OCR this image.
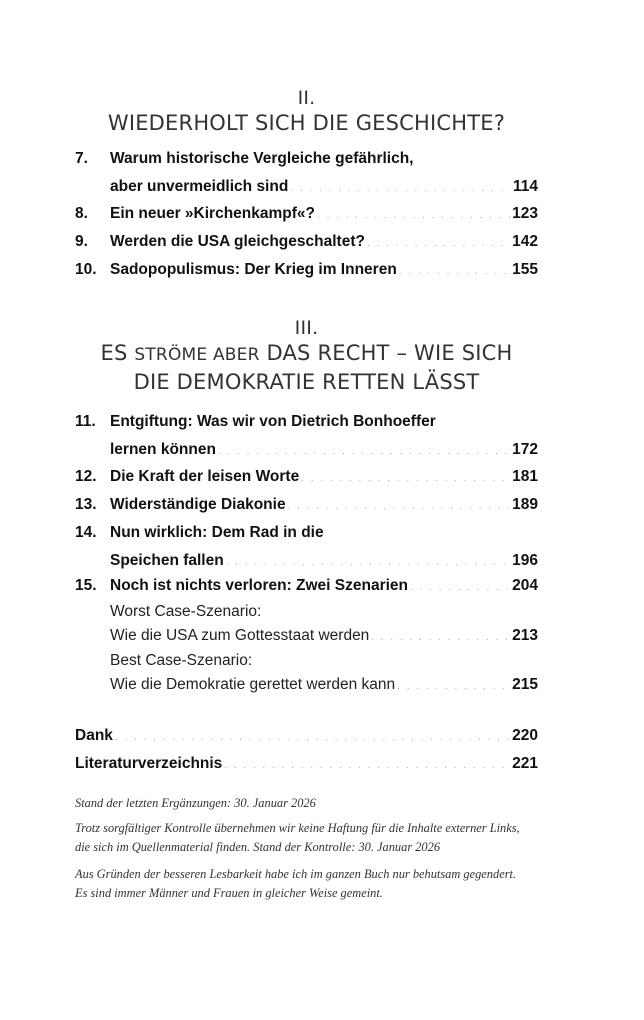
II.
WIEDERHOLT SICH DIE GESCHICHTE?
7.	Warum historische Vergleiche gefährlich,
aber unvermeidlich sind . . .	114
8.	Ein neuer »Kirchenkampf«? . . .	123
9.	Werden die USA gleichgeschaltet? . . .	142
10. Sadopopulismus: Der Krieg im Inneren . . .	155
III.
ES STRÖME ABER DAS RECHT – WIE SICH
DIE DEMOKRATIE RETTEN LÄSST
11. Entgiftung: Was wir von Dietrich Bonhoeffer
lernen können . . .	172
12. Die Kraft der leisen Worte . . .	181
13. Widerständige Diakonie . . .	189
14. Nun wirklich: Dem Rad in die
Speichen fallen . . .	196
15. Noch ist nichts verloren: Zwei Szenarien . . .	204
Worst Case-Szenario:
Wie die USA zum Gottesstaat werden . . .	213
Best Case-Szenario:
Wie die Demokratie gerettet werden kann . . .	215
Dank . . .	220
Literaturverzeichnis . . .	221

Stand der letzten Ergänzungen: 30. Januar 2026

Trotz sorgfältiger Kontrolle übernehmen wir keine Haftung für die Inhalte externer Links,
die sich im Quellenmaterial finden. Stand der Kontrolle: 30. Januar 2026

Aus Gründen der besseren Lesbarkeit habe ich im ganzen Buch nur behutsam gegendert.
Es sind immer Männer und Frauen in gleicher Weise gemeint.
